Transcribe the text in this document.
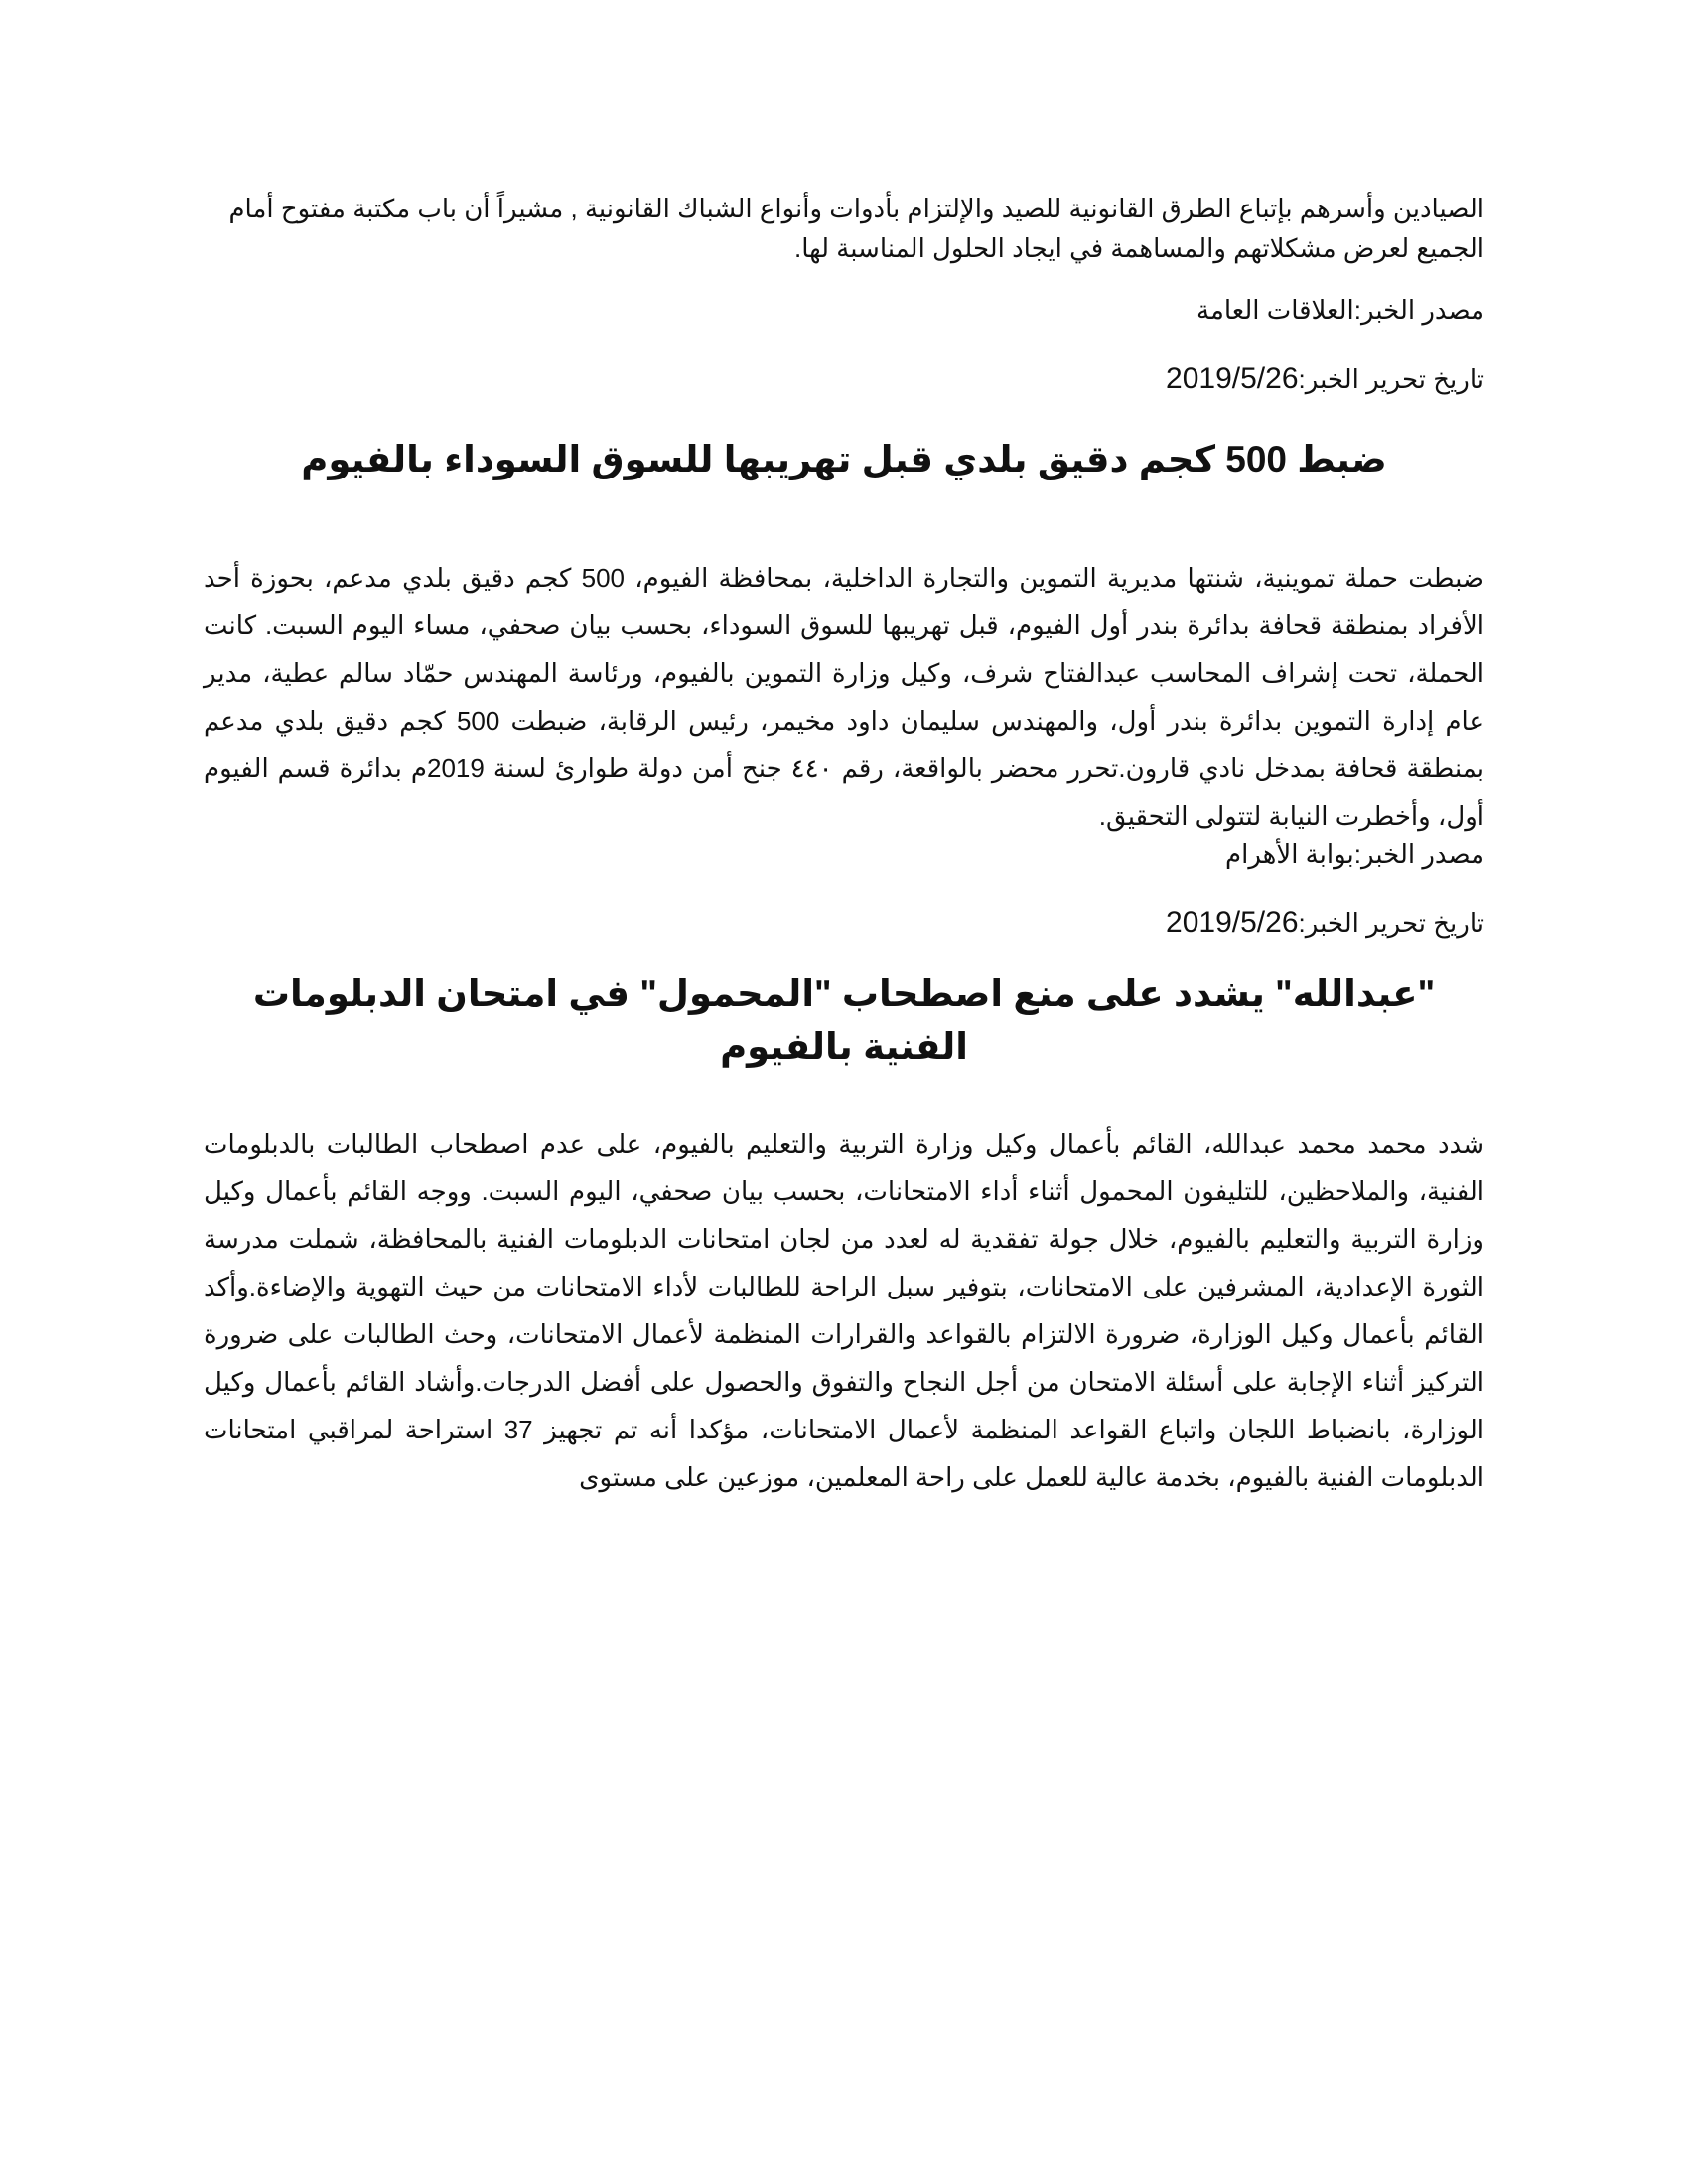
الصيادين وأسرهم بإتباع الطرق القانونية للصيد والإلتزام بأدوات وأنواع الشباك القانونية , مشيراً أن باب مكتبة مفتوح أمام الجميع لعرض مشكلاتهم والمساهمة في ايجاد الحلول المناسبة لها.

مصدر الخبر:العلاقات العامة

تاريخ تحرير الخبر:2019/5/26

ضبط 500 كجم دقيق بلدي قبل تهريبها للسوق السوداء بالفيوم

ضبطت حملة تموينية، شنتها مديرية التموين والتجارة الداخلية، بمحافظة الفيوم، 500 كجم دقيق بلدي مدعم، بحوزة أحد الأفراد بمنطقة قحافة بدائرة بندر أول الفيوم، قبل تهريبها للسوق السوداء، بحسب بيان صحفي، مساء اليوم السبت. كانت الحملة، تحت إشراف المحاسب عبدالفتاح شرف، وكيل وزارة التموين بالفيوم، ورئاسة المهندس حمّاد سالم عطية، مدير عام إدارة التموين بدائرة بندر أول، والمهندس سليمان داود مخيمر، رئيس الرقابة، ضبطت 500 كجم دقيق بلدي مدعم بمنطقة قحافة بمدخل نادي قارون.تحرر محضر بالواقعة، رقم ٤٤٠ جنح أمن دولة طوارئ لسنة 2019م بدائرة قسم الفيوم أول، وأخطرت النيابة لتتولى التحقيق.

مصدر الخبر:بوابة الأهرام

تاريخ تحرير الخبر:2019/5/26

"عبدالله" يشدد على منع اصطحاب "المحمول" في امتحان الدبلومات الفنية بالفيوم

شدد محمد محمد عبدالله، القائم بأعمال وكيل وزارة التربية والتعليم بالفيوم، على عدم اصطحاب الطالبات بالدبلومات الفنية، والملاحظين، للتليفون المحمول أثناء أداء الامتحانات، بحسب بيان صحفي، اليوم السبت. ووجه القائم بأعمال وكيل وزارة التربية والتعليم بالفيوم، خلال جولة تفقدية له لعدد من لجان امتحانات الدبلومات الفنية بالمحافظة، شملت مدرسة الثورة الإعدادية، المشرفين على الامتحانات، بتوفير سبل الراحة للطالبات لأداء الامتحانات من حيث التهوية والإضاءة.وأكد القائم بأعمال وكيل الوزارة، ضرورة الالتزام بالقواعد والقرارات المنظمة لأعمال الامتحانات، وحث الطالبات على ضرورة التركيز أثناء الإجابة على أسئلة الامتحان من أجل النجاح والتفوق والحصول على أفضل الدرجات.وأشاد القائم بأعمال وكيل الوزارة، بانضباط اللجان واتباع القواعد المنظمة لأعمال الامتحانات، مؤكدا أنه تم تجهيز 37 استراحة لمراقبي امتحانات الدبلومات الفنية بالفيوم، بخدمة عالية للعمل على راحة المعلمين، موزعين على مستوى
